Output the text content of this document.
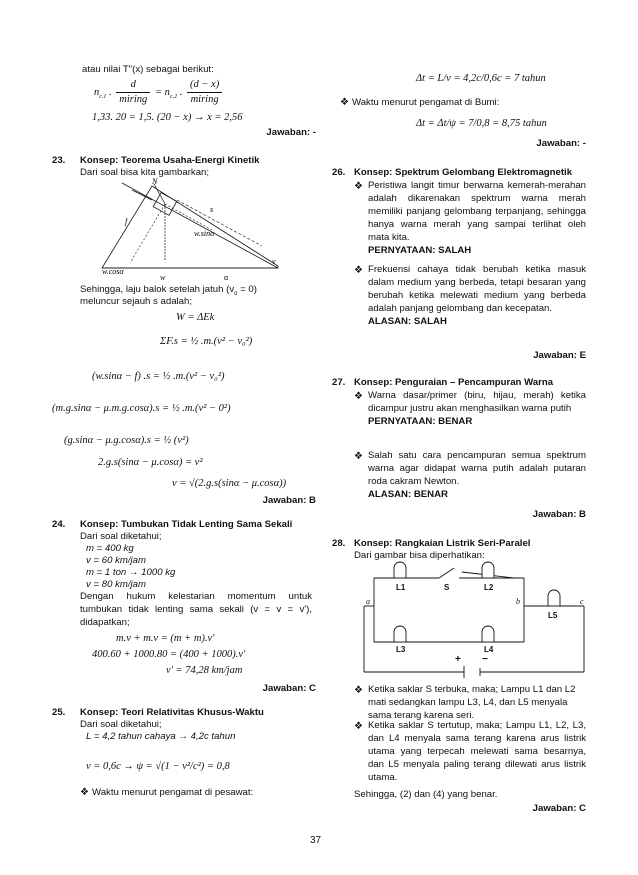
atau nilai T"(x) sebagai berikut:

$n_{c.1}$ . $\frac{d}{\text{miring}} = n_{c.2}$ . $\frac{(d - x)}{\text{miring}}$

1,33. 20 = 1,5. (20 − x) → x = 2,56

Jawaban: -

23. Konsep: Teorema Usaha-Energi Kinetik

Dari soal bisa kita gambarkan;

α
N
s
f
w.sinα
w.cosα
w
v

Sehingga, laju balok setelah jatuh $(v_o = 0)$

meluncur sejauh s adalah;

W = ΔEk

ΣF.s = ½ .m.(v² − v₀²)

(w.sinα − f) .s = ½ .m.(v² − v₀²)

(m.g.sinα − μ.m.g.cosα).s = ½ .m.(v² − 0²)

(g.sinα − μ.g.cosα).s = ½ (v²)

2.g.s(sinα − μ.cosα) = v²

v = √(2.g.s(sinα − μ.cosα))

Jawaban: B

24. Konsep: Tumbukan Tidak Lenting Sama Sekali

Dari soal diketahui;

m = 400 kg

v = 60 km/jam

m = 1 ton → 1000 kg

v = 80 km/jam

Dengan hukum kelestarian momentum untuk tumbukan tidak lenting sama sekali (v = v = v'), didapatkan;

m.v + m.v = (m + m).v'

400.60 + 1000.80 = (400 + 1000).v'

v' = 74,28 km/jam

Jawaban: C

25. Konsep: Teori Relativitas Khusus-Waktu

Dari soal diketahui;

L = 4,2 tahun cahaya → 4,2c tahun

v = 0,6c → ψ = √(1 − v²/c²) = 0,8

❖ Waktu menurut pengamat di pesawat:

Δt = L/v = 4,2c/0,6c = 7 tahun

❖ Waktu menurut pengamat di Bumi:

Δt = Δt/ψ = 7/0,8 = 8,75 tahun

Jawaban: -

26. Konsep: Spektrum Gelombang Elektromagnetik

❖ Peristiwa langit timur berwarna kemerah-merahan adalah dikarenakan spektrum warna merah memiliki panjang gelombang terpanjang, sehingga hanya warna merah yang sampai terlihat oleh mata kita.

PERNYATAAN: SALAH

❖ Frekuensi cahaya tidak berubah ketika masuk dalam medium yang berbeda, tetapi besaran yang berubah ketika melewati medium yang berbeda adalah panjang gelombang dan kecepatan.

ALASAN: SALAH

Jawaban: E

27. Konsep: Penguraian – Pencampuran Warna

❖ Warna dasar/primer (biru, hijau, merah) ketika dicampur justru akan menghasilkan warna putih

PERNYATAAN: BENAR

❖ Salah satu cara pencampuran semua spektrum warna agar didapat warna putih adalah putaran roda cakram Newton.

ALASAN: BENAR

Jawaban: B

28. Konsep: Rangkaian Listrik Seri-Paralel

Dari gambar bisa diperhatikan:

L1	L2
L3	L4
L5
S
+ −
a	b	c
❖ Ketika saklar S terbuka, maka; Lampu L1 dan L2 mati sedangkan lampu L3, L4, dan L5 menyala sama terang karena seri.

❖ Ketika saklar S tertutup, maka; Lampu L1, L2, L3, dan L4 menyala sama terang karena arus listrik utama yang terpecah melewati sama besarnya, dan L5 menyala paling terang dilewati arus listrik utama.

Sehingga, (2) dan (4) yang benar.

Jawaban: C

37
